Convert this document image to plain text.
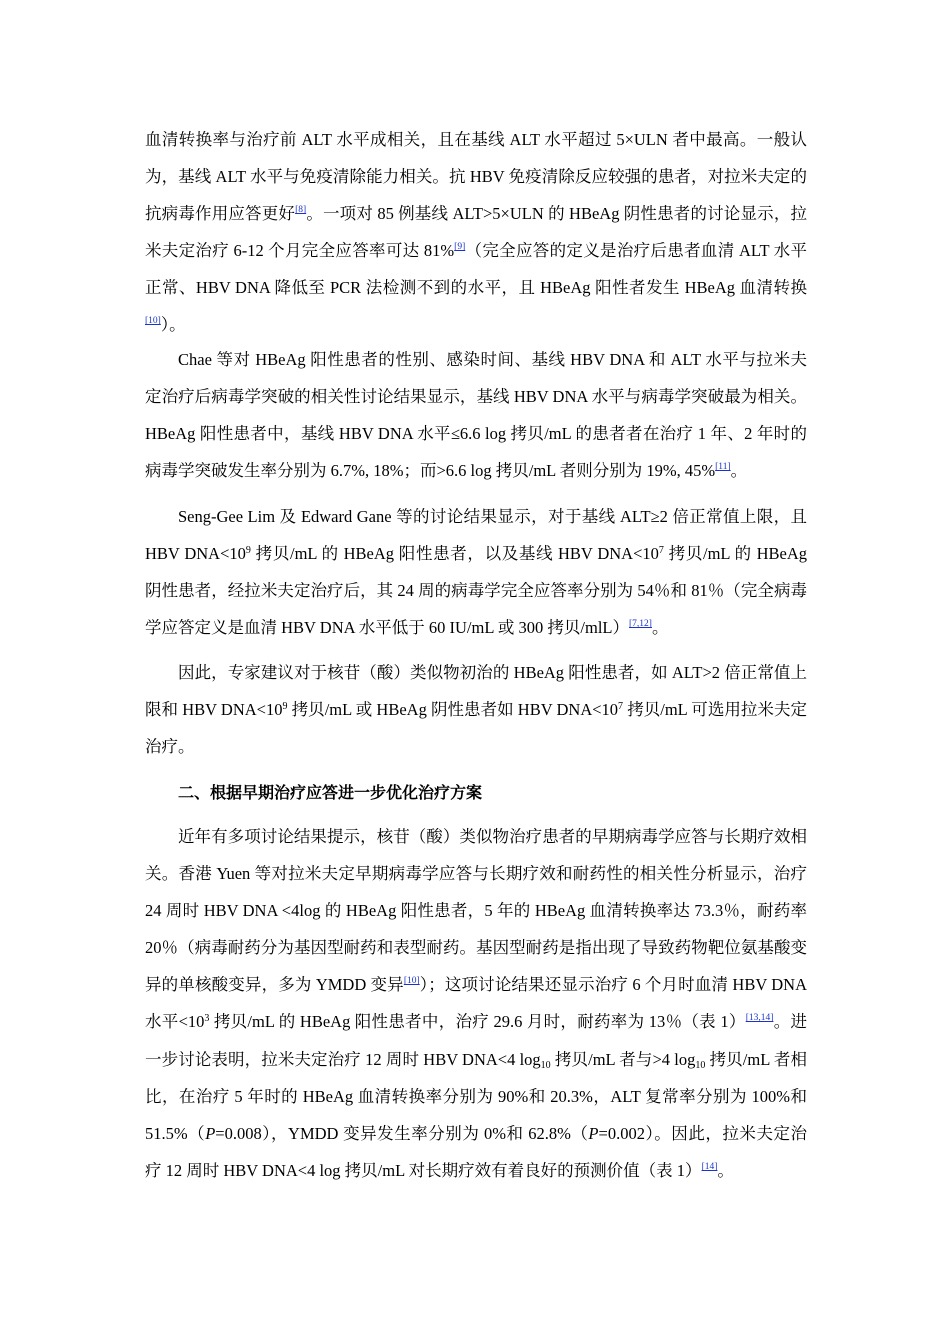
血清转换率与治疗前 ALT 水平成相关，且在基线 ALT 水平超过 5×ULN 者中最高。一般认为，基线 ALT 水平与免疫清除能力相关。抗 HBV 免疫清除反应较强的患者，对拉米夫定的抗病毒作用应答更好[8]。一项对 85 例基线 ALT>5×ULN 的 HBeAg 阴性患者的讨论显示，拉米夫定治疗 6-12 个月完全应答率可达 81%[9]（完全应答的定义是治疗后患者血清 ALT 水平正常、HBV DNA 降低至 PCR 法检测不到的水平，且 HBeAg 阳性者发生 HBeAg 血清转换[10]）。

Chae 等对 HBeAg 阳性患者的性别、感染时间、基线 HBV DNA 和 ALT 水平与拉米夫定治疗后病毒学突破的相关性讨论结果显示，基线 HBV DNA 水平与病毒学突破最为相关。HBeAg 阳性患者中，基线 HBV DNA 水平≤6.6 log 拷贝/mL 的患者者在治疗 1 年、2 年时的病毒学突破发生率分别为 6.7%, 18%；而>6.6 log 拷贝/mL 者则分别为 19%, 45%[11]。

Seng-Gee Lim 及 Edward Gane 等的讨论结果显示，对于基线 ALT≥2 倍正常值上限，且 HBV $DNA<10^9$ 拷贝/mL 的 HBeAg 阳性患者，以及基线 HBV $DNA<10^7$ 拷贝/mL 的 HBeAg 阴性患者，经拉米夫定治疗后，其 24 周的病毒学完全应答率分别为 54％和 81％（完全病毒学应答定义是血清 HBV DNA 水平低于 60 IU/mL 或 300 拷贝/mlL）[7,12]。

因此，专家建议对于核苷（酸）类似物初治的 HBeAg 阳性患者，如 ALT>2 倍正常值上限和 HBV $DNA<10^9$ 拷贝/mL 或 HBeAg 阴性患者如 HBV $DNA<10^7$ 拷贝/mL 可选用拉米夫定治疗。

二、根据早期治疗应答进一步优化治疗方案

近年有多项讨论结果提示，核苷（酸）类似物治疗患者的早期病毒学应答与长期疗效相关。香港 Yuen 等对拉米夫定早期病毒学应答与长期疗效和耐药性的相关性分析显示，治疗 24 周时 HBV DNA <4log 的 HBeAg 阳性患者，5 年的 HBeAg 血清转换率达 73.3％，耐药率 20％（病毒耐药分为基因型耐药和表型耐药。基因型耐药是指出现了导致药物靶位氨基酸变异的单核酸变异，多为 YMDD 变异[10]）；这项讨论结果还显示治疗 6 个月时血清 HBV DNA 水平$<10^3$ 拷贝/mL 的 HBeAg 阳性患者中，治疗 29.6 月时，耐药率为 13％（表 1）[13,14]。进一步讨论表明，拉米夫定治疗 12 周时 HBV DNA<4 $\log_{10}$ 拷贝/mL 者与>4 $\log_{10}$ 拷贝/mL 者相比，在治疗 5 年时的 HBeAg 血清转换率分别为 90%和 20.3%，ALT 复常率分别为 100%和 51.5%（P=0.008），YMDD 变异发生率分别为 0%和 62.8%（P=0.002）。因此，拉米夫定治疗 12 周时 HBV DNA<4 log 拷贝/mL 对长期疗效有着良好的预测价值（表 1）[14]。
